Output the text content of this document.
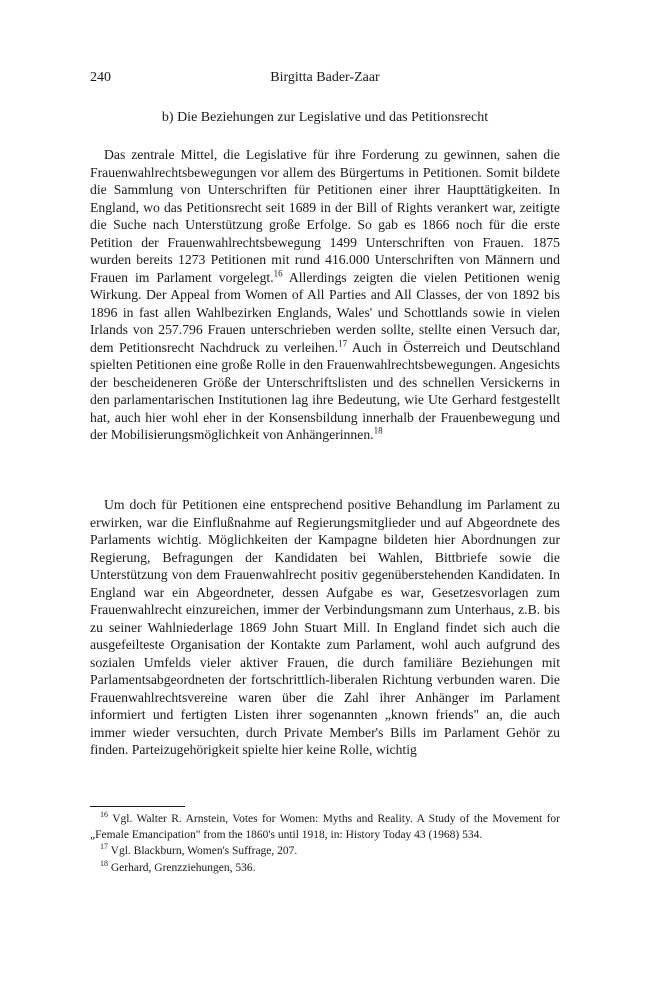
240	Birgitta Bader-Zaar
b) Die Beziehungen zur Legislative und das Petitionsrecht

Das zentrale Mittel, die Legislative für ihre Forderung zu gewinnen, sahen die Frauenwahlrechtsbewegungen vor allem des Bürgertums in Petitionen. Somit bildete die Sammlung von Unterschriften für Petitionen einer ihrer Haupttätigkeiten. In England, wo das Petitionsrecht seit 1689 in der Bill of Rights verankert war, zeitigte die Suche nach Unterstützung große Erfolge. So gab es 1866 noch für die erste Petition der Frauenwahlrechtsbewegung 1499 Unterschriften von Frauen. 1875 wurden bereits 1273 Petitionen mit rund 416.000 Unterschriften von Männern und Frauen im Parlament vorgelegt.$^{16}$ Allerdings zeigten die vielen Petitionen wenig Wirkung. Der Appeal from Women of All Parties and All Classes, der von 1892 bis 1896 in fast allen Wahlbezirken Englands, Wales' und Schottlands sowie in vielen Irlands von 257.796 Frauen unterschrieben werden sollte, stellte einen Versuch dar, dem Petitionsrecht Nachdruck zu verleihen.$^{17}$ Auch in Österreich und Deutschland spielten Petitionen eine große Rolle in den Frauenwahlrechtsbewegungen. Angesichts der bescheideneren Größe der Unterschriftslisten und des schnellen Versickerns in den parlamentarischen Institutionen lag ihre Bedeutung, wie Ute Gerhard festgestellt hat, auch hier wohl eher in der Konsensbildung innerhalb der Frauenbewegung und der Mobilisierungsmöglichkeit von Anhängerinnen.$^{18}$

Um doch für Petitionen eine entsprechend positive Behandlung im Parlament zu erwirken, war die Einflußnahme auf Regierungsmitglieder und auf Abgeordnete des Parlaments wichtig. Möglichkeiten der Kampagne bildeten hier Abordnungen zur Regierung, Befragungen der Kandidaten bei Wahlen, Bittbriefe sowie die Unterstützung von dem Frauenwahlrecht positiv gegenüberstehenden Kandidaten. In England war ein Abgeordneter, dessen Aufgabe es war, Gesetzesvorlagen zum Frauenwahlrecht einzureichen, immer der Verbindungsmann zum Unterhaus, z.B. bis zu seiner Wahlniederlage 1869 John Stuart Mill. In England findet sich auch die ausgefeilteste Organisation der Kontakte zum Parlament, wohl auch aufgrund des sozialen Umfelds vieler aktiver Frauen, die durch familiäre Beziehungen mit Parlamentsabgeordneten der fortschrittlich-liberalen Richtung verbunden waren. Die Frauenwahlrechtsvereine waren über die Zahl ihrer Anhänger im Parlament informiert und fertigten Listen ihrer sogenannten „known friends" an, die auch immer wieder versuchten, durch Private Member's Bills im Parlament Gehör zu finden. Parteizugehörigkeit spielte hier keine Rolle, wichtig

$^{16}$ Vgl. Walter R. Arnstein, Votes for Women: Myths and Reality. A Study of the Movement for „Female Emancipation" from the 1860's until 1918, in: History Today 43 (1968) 534.

$^{17}$ Vgl. Blackburn, Women's Suffrage, 207.

$^{18}$ Gerhard, Grenzziehungen, 536.
